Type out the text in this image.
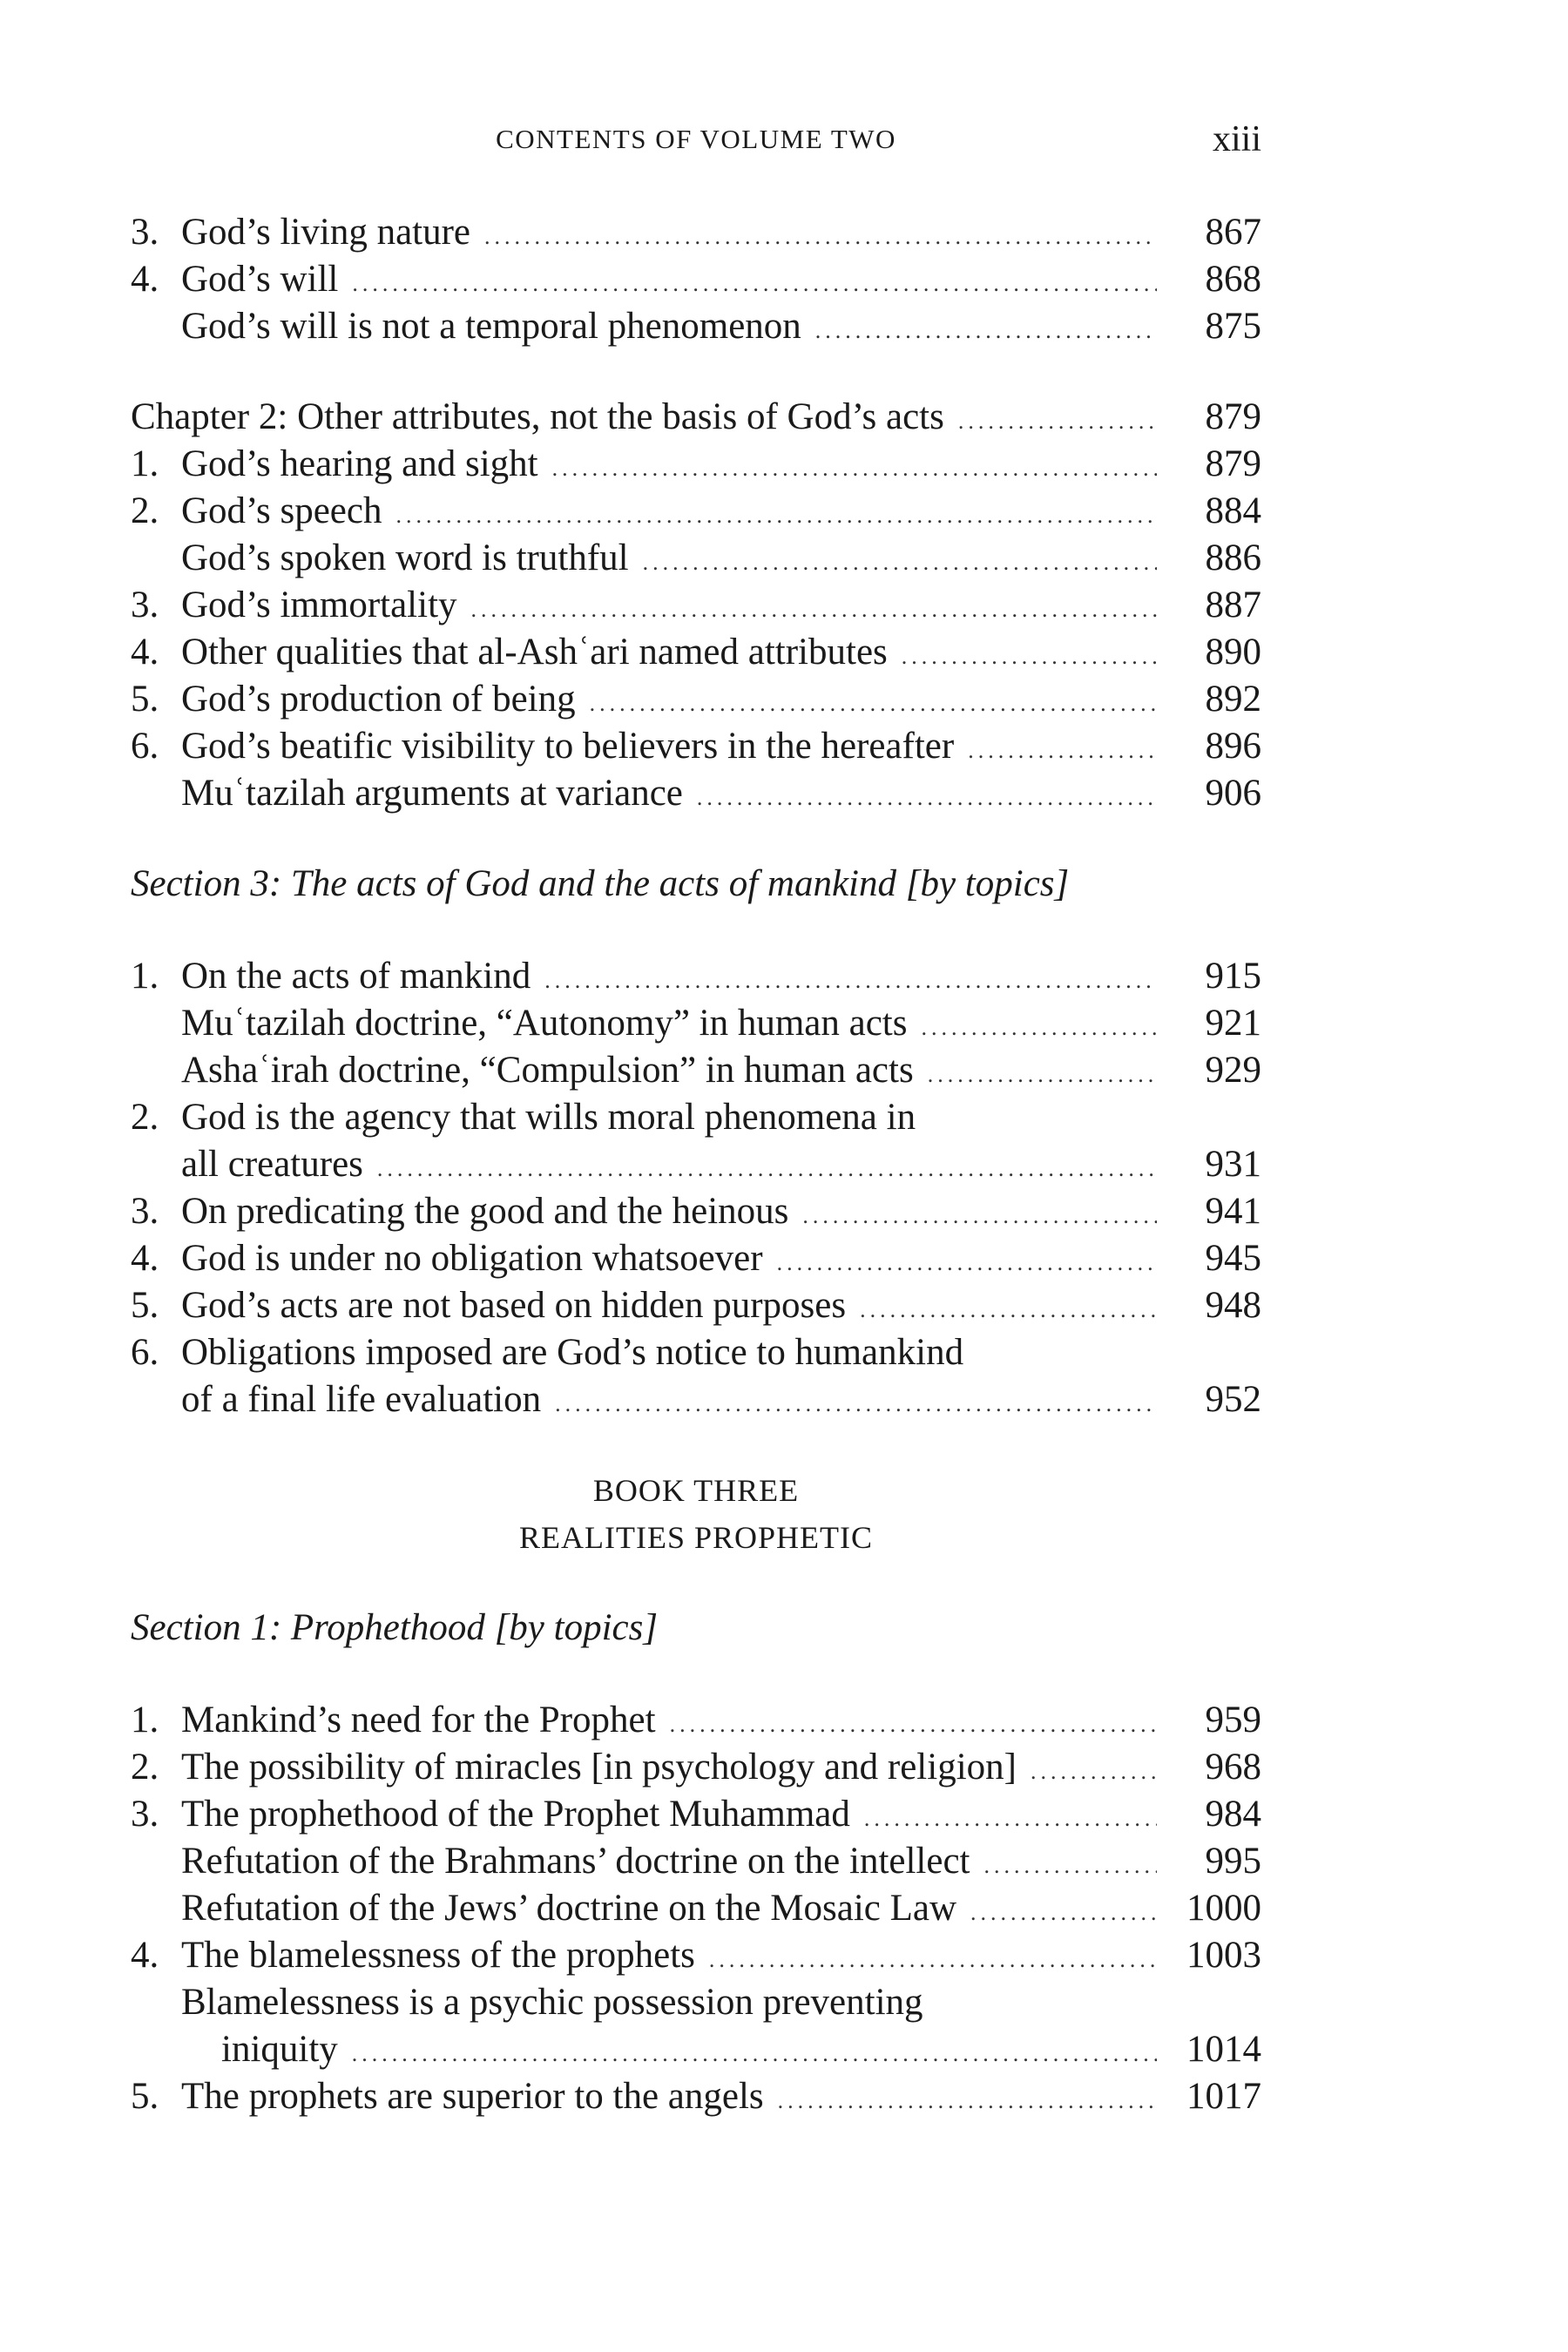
CONTENTS OF VOLUME TWO	xiii
3. God’s living nature .....	867
4. God’s will .....	868
God’s will is not a temporal phenomenon .....	875
Chapter 2: Other attributes, not the basis of God’s acts .....	879
1. God’s hearing and sight .....	879
2. God’s speech .....	884
God’s spoken word is truthful .....	886
3. God’s immortality .....	887
4. Other qualities that al-Ashʿari named attributes .....	890
5. God’s production of being .....	892
6. God’s beatific visibility to believers in the hereafter .....	896
Muʿtazilah arguments at variance .....	906
Section 3: The acts of God and the acts of mankind [by topics]
1. On the acts of mankind .....	915
Muʿtazilah doctrine, “Autonomy” in human acts .....	921
Ashaʿirah doctrine, “Compulsion” in human acts .....	929
2. God is the agency that wills moral phenomena in
all creatures .....	931
3. On predicating the good and the heinous .....	941
4. God is under no obligation whatsoever .....	945
5. God’s acts are not based on hidden purposes .....	948
6. Obligations imposed are God’s notice to humankind
of a final life evaluation .....	952
BOOK THREE
REALITIES PROPHETIC
Section 1: Prophethood [by topics]
1. Mankind’s need for the Prophet .....	959
2. The possibility of miracles [in psychology and religion] .....	968
3. The prophethood of the Prophet Muhammad .....	984
Refutation of the Brahmans’ doctrine on the intellect .....	995
Refutation of the Jews’ doctrine on the Mosaic Law .....	1000
4. The blamelessness of the prophets .....	1003
Blamelessness is a psychic possession preventing
iniquity .....	1014
5. The prophets are superior to the angels .....	1017
